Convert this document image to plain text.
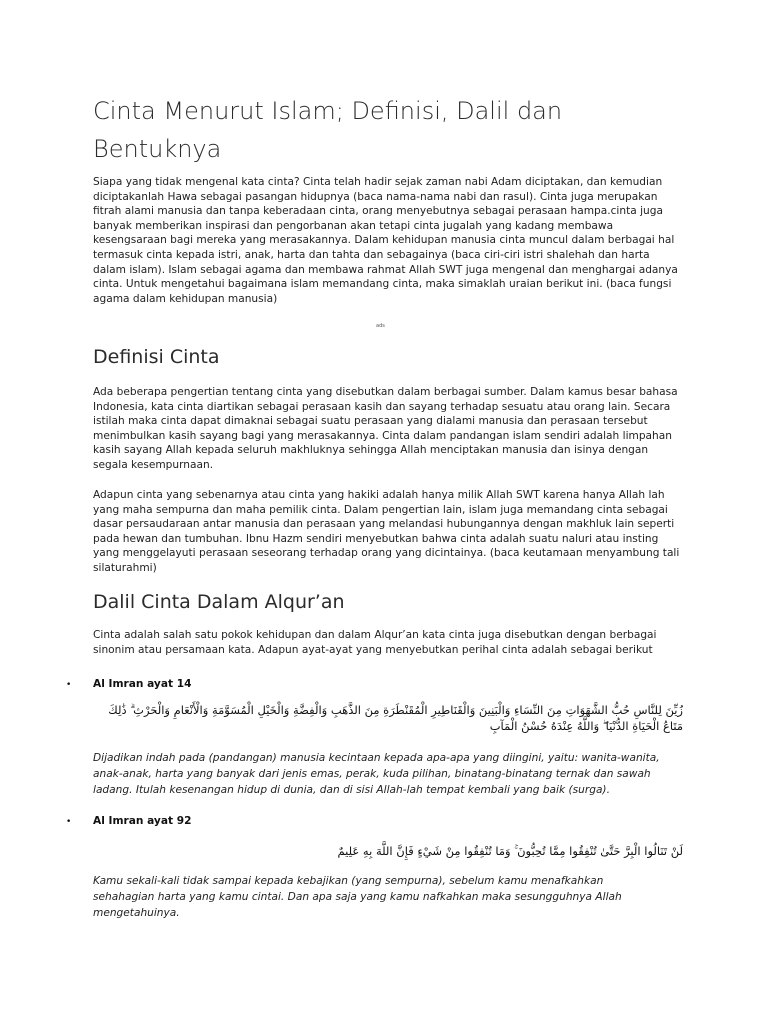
Cinta Menurut Islam; Definisi, Dalil dan Bentuknya
Siapa yang tidak mengenal kata cinta? Cinta telah hadir sejak zaman nabi Adam diciptakan, dan kemudian diciptakanlah Hawa sebagai pasangan hidupnya (baca nama-nama nabi dan rasul). Cinta juga merupakan fitrah alami manusia dan tanpa keberadaan cinta, orang menyebutnya sebagai perasaan hampa.cinta juga banyak memberikan inspirasi dan pengorbanan akan tetapi cinta jugalah yang kadang membawa kesengsaraan bagi mereka yang merasakannya. Dalam kehidupan manusia cinta muncul dalam berbagai hal termasuk cinta kepada istri, anak, harta dan tahta dan sebagainya (baca ciri-ciri istri shalehah dan harta dalam islam). Islam sebagai agama dan membawa rahmat Allah SWT juga mengenal dan menghargai adanya cinta. Untuk mengetahui bagaimana islam memandang cinta, maka simaklah uraian berikut ini. (baca fungsi agama dalam kehidupan manusia)
ads
Definisi Cinta
Ada beberapa pengertian tentang cinta yang disebutkan dalam berbagai sumber. Dalam kamus besar bahasa Indonesia, kata cinta diartikan sebagai perasaan kasih dan sayang terhadap sesuatu atau orang lain. Secara istilah maka cinta dapat dimaknai sebagai suatu perasaan yang dialami manusia dan perasaan tersebut menimbulkan kasih sayang bagi yang merasakannya. Cinta dalam pandangan islam sendiri adalah limpahan kasih sayang Allah kepada seluruh makhluknya sehingga Allah menciptakan manusia dan isinya dengan segala kesempurnaan.
Adapun cinta yang sebenarnya atau cinta yang hakiki adalah hanya milik Allah SWT karena hanya Allah lah yang maha sempurna dan maha pemilik cinta. Dalam pengertian lain, islam juga memandang cinta sebagai dasar persaudaraan antar manusia dan perasaan yang melandasi hubungannya dengan makhluk lain seperti pada hewan dan tumbuhan. Ibnu Hazm sendiri menyebutkan bahwa cinta adalah suatu naluri atau insting yang menggelayuti perasaan seseorang terhadap orang yang dicintainya. (baca keutamaan menyambung tali silaturahmi)
Dalil Cinta Dalam Alqur’an
Cinta adalah salah satu pokok kehidupan dan dalam Alqur’an kata cinta juga disebutkan dengan berbagai sinonim atau persamaan kata. Adapun ayat-ayat yang menyebutkan perihal cinta adalah sebagai berikut
• Al Imran ayat 14
زُيِّنَ لِلنَّاسِ حُبُّ الشَّهَوَاتِ مِنَ النِّسَاءِ وَالْبَنِينَ وَالْقَنَاطِيرِ الْمُقَنْطَرَةِ مِنَ الذَّهَبِ وَالْفِضَّةِ وَالْخَيْلِ الْمُسَوَّمَةِ وَالْأَنْعَامِ وَالْحَرْثِ ۗ ذَٰلِكَ مَتَاعُ الْحَيَاةِ الدُّنْيَا ۖ وَاللَّهُ عِنْدَهُ حُسْنُ الْمَآبِ
Dijadikan indah pada (pandangan) manusia kecintaan kepada apa-apa yang diingini, yaitu: wanita-wanita, anak-anak, harta yang banyak dari jenis emas, perak, kuda pilihan, binatang-binatang ternak dan sawah ladang. Itulah kesenangan hidup di dunia, dan di sisi Allah-lah tempat kembali yang baik (surga).
• Al Imran ayat 92
لَنْ تَنَالُوا الْبِرَّ حَتَّىٰ تُنْفِقُوا مِمَّا تُحِبُّونَ ۚ وَمَا تُنْفِقُوا مِنْ شَيْءٍ فَإِنَّ اللَّهَ بِهِ عَلِيمٌ
Kamu sekali-kali tidak sampai kepada kebajikan (yang sempurna), sebelum kamu menafkahkan sehahagian harta yang kamu cintai. Dan apa saja yang kamu nafkahkan maka sesungguhnya Allah mengetahuinya.
